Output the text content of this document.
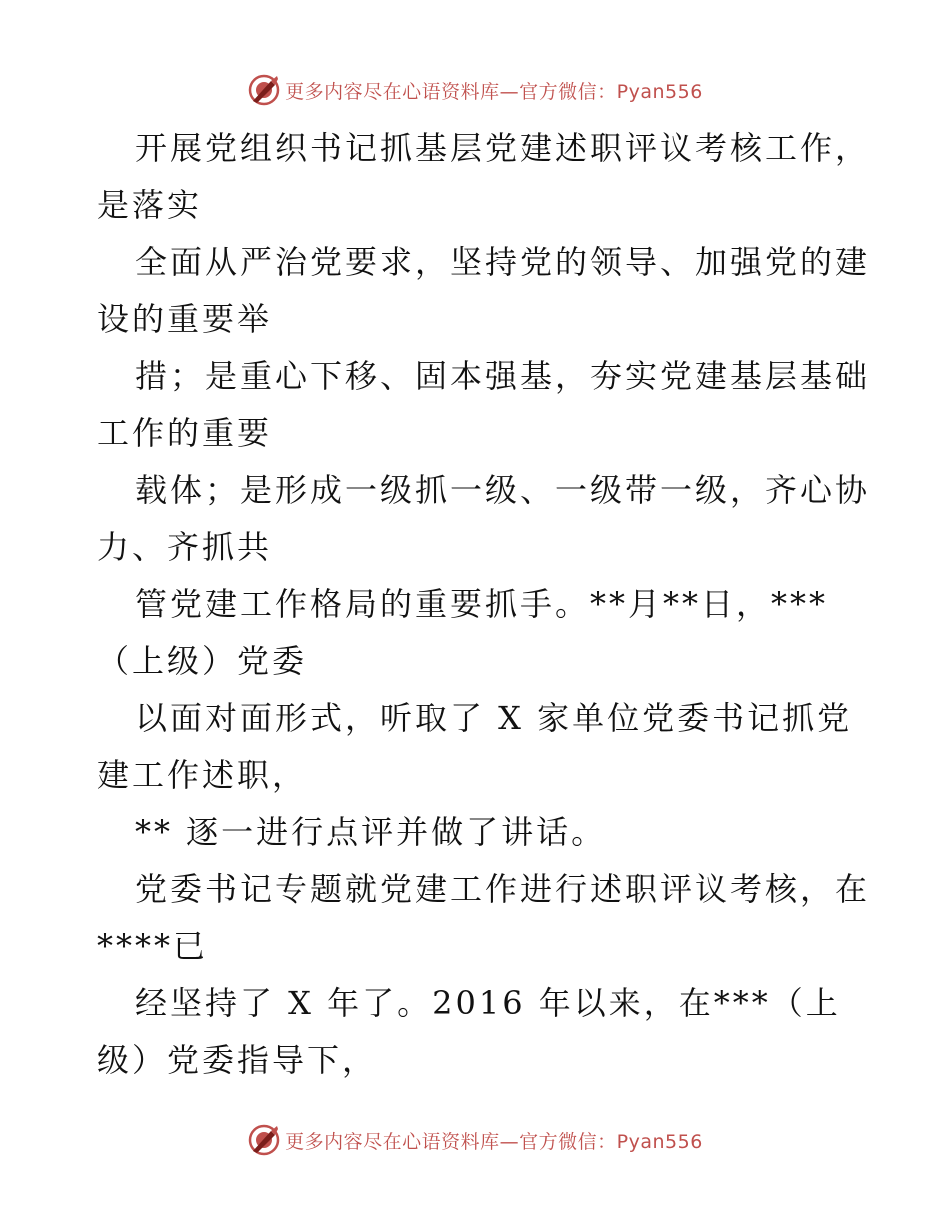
更多内容尽在心语资料库—官方微信：Pyan556

开展党组织书记抓基层党建述职评议考核工作，
是落实

全面从严治党要求，坚持党的领导、加强党的建
设的重要举

措；是重心下移、固本强基，夯实党建基层基础
工作的重要

载体；是形成一级抓一级、一级带一级，齐心协
力、齐抓共

管党建工作格局的重要抓手。**月**日，***
（上级）党委

以面对面形式，听取了 X 家单位党委书记抓党
建工作述职，

** 逐一进行点评并做了讲话。

党委书记专题就党建工作进行述职评议考核，在
****已

经坚持了 X 年了。2016 年以来，在***（上
级）党委指导下，

更多内容尽在心语资料库—官方微信：Pyan556
